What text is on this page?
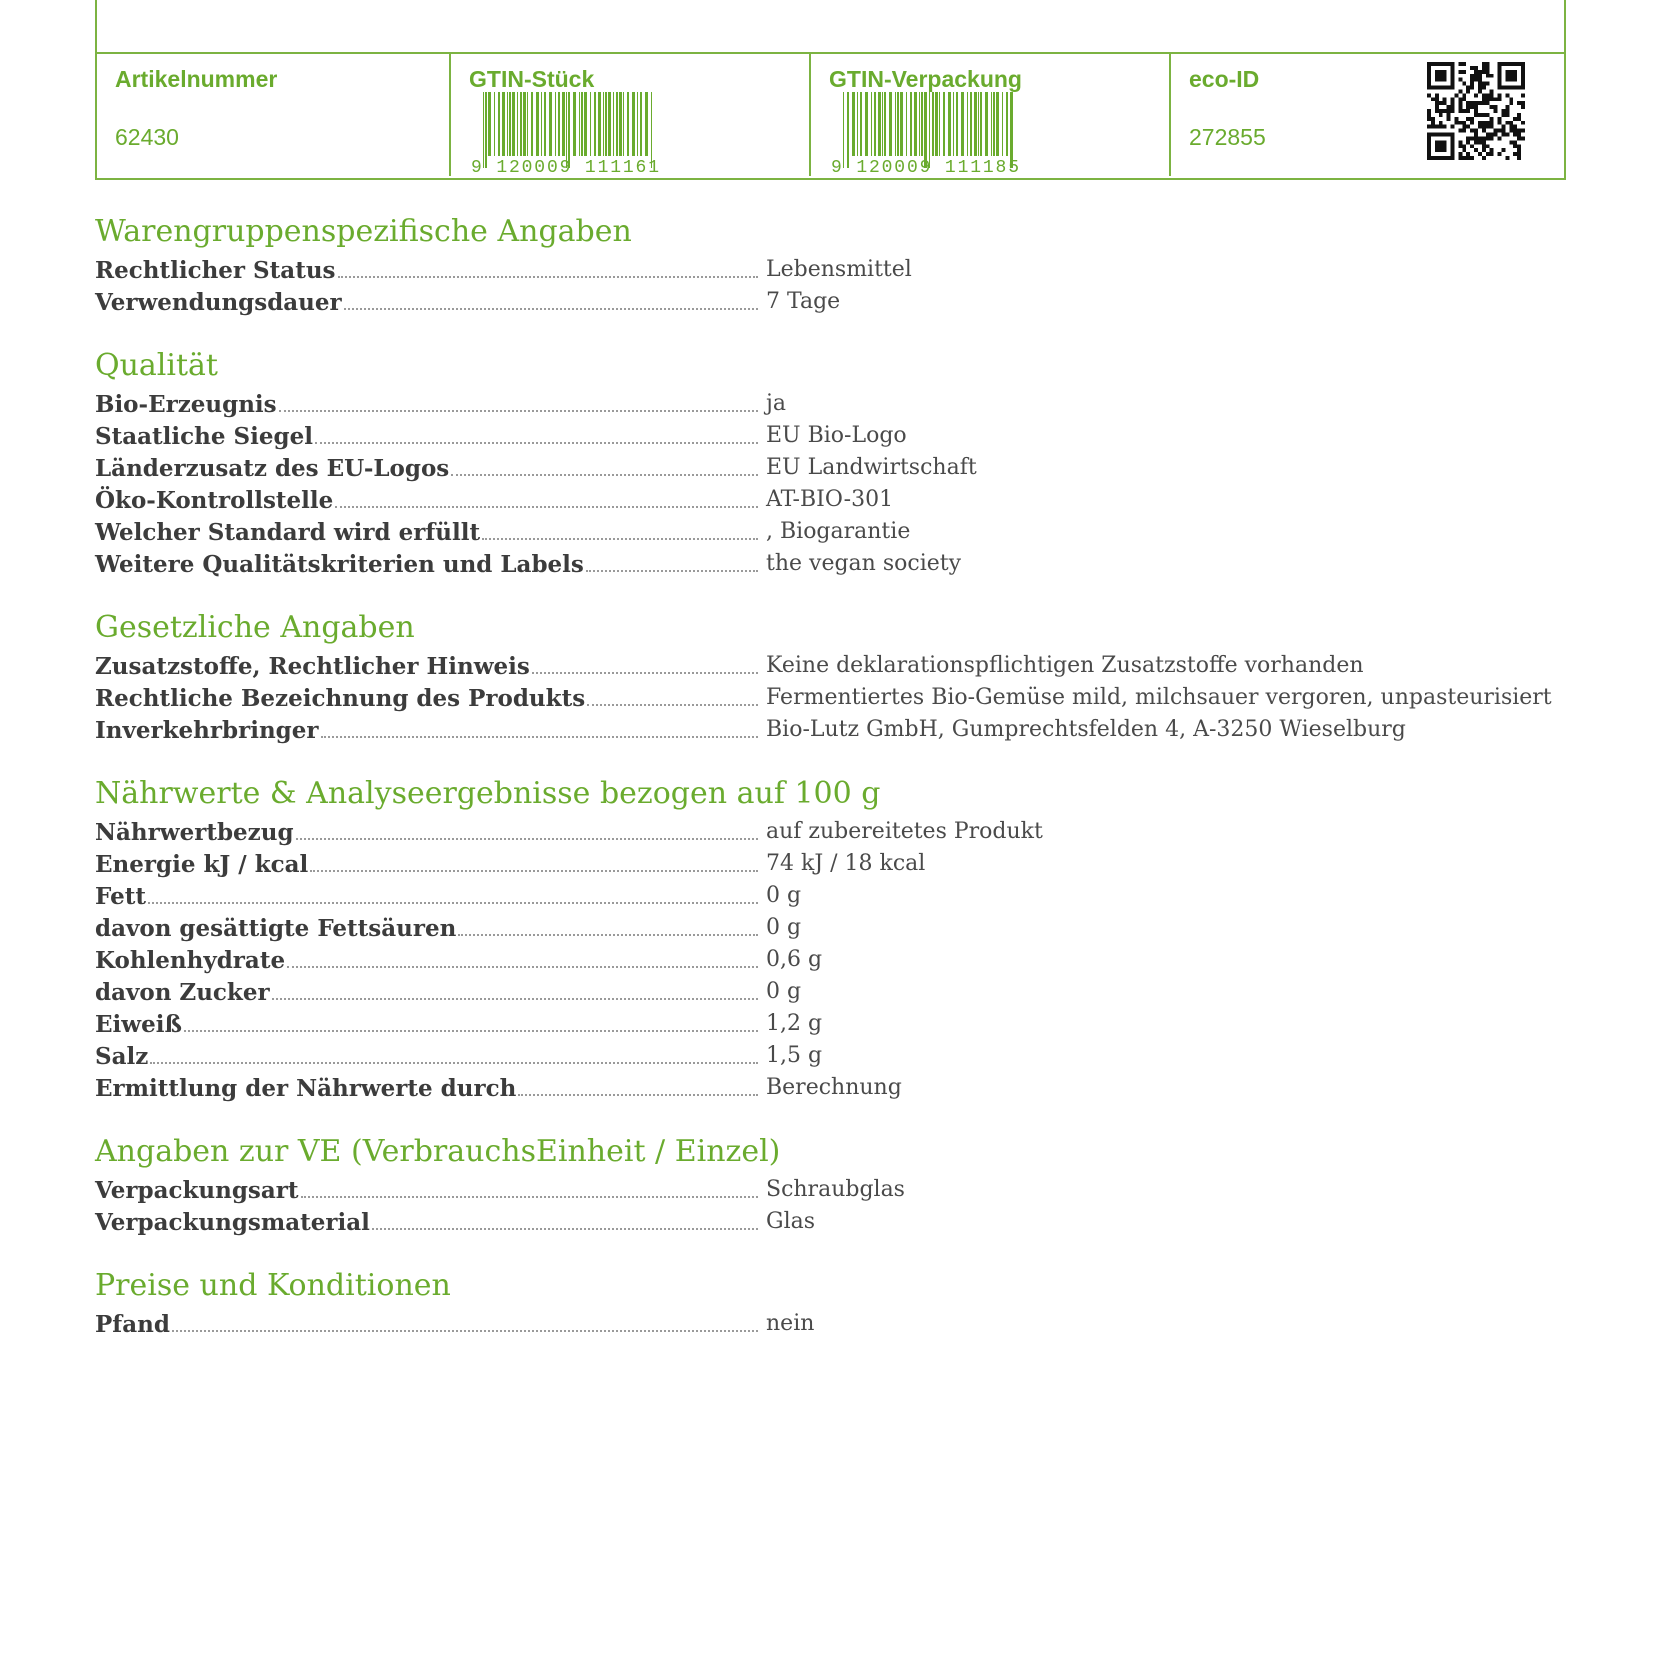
Artikelnummer
62430
GTIN-Stück
9 120009 111161
GTIN-Verpackung
9 120009 111185
eco-ID
272855
Warengruppenspezifische Angaben
Rechtlicher Status	Lebensmittel
Verwendungsdauer	7 Tage
Qualität
Bio-Erzeugnis	ja
Staatliche Siegel	EU Bio-Logo
Länderzusatz des EU-Logos	EU Landwirtschaft
Öko-Kontrollstelle	AT-BIO-301
Welcher Standard wird erfüllt	, Biogarantie
Weitere Qualitätskriterien und Labels	the vegan society
Gesetzliche Angaben
Zusatzstoffe, Rechtlicher Hinweis	Keine deklarationspflichtigen Zusatzstoffe vorhanden
Rechtliche Bezeichnung des Produkts	Fermentiertes Bio-Gemüse mild, milchsauer vergoren, unpasteurisiert
Inverkehrbringer	Bio-Lutz GmbH, Gumprechtsfelden 4, A-3250 Wieselburg
Nährwerte & Analyseergebnisse bezogen auf 100 g
Nährwertbezug	auf zubereitetes Produkt
Energie kJ / kcal	74 kJ / 18 kcal
Fett	0 g
davon gesättigte Fettsäuren	0 g
Kohlenhydrate	0,6 g
davon Zucker	0 g
Eiweiß	1,2 g
Salz	1,5 g
Ermittlung der Nährwerte durch	Berechnung
Angaben zur VE (VerbrauchsEinheit / Einzel)
Verpackungsart	Schraubglas
Verpackungsmaterial	Glas
Preise und Konditionen
Pfand	nein
